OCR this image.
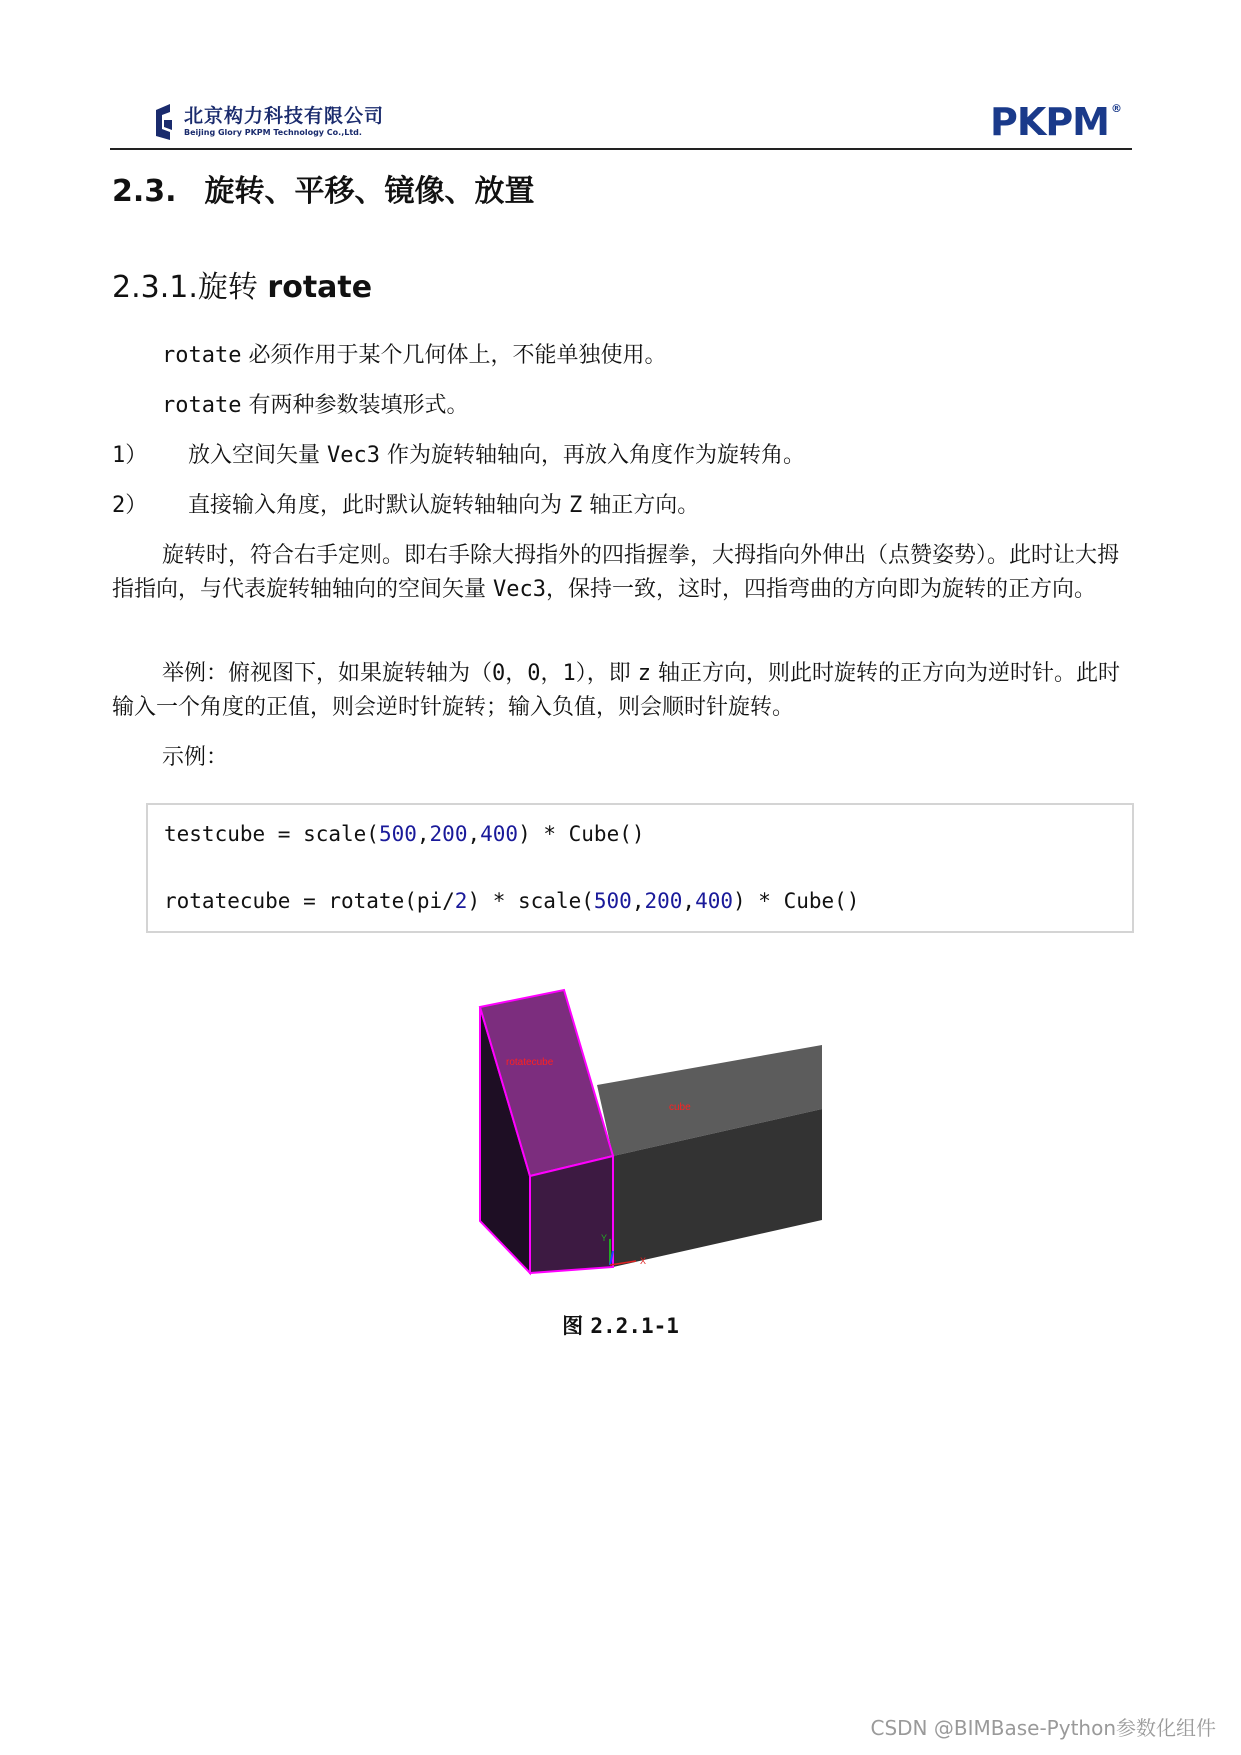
北京构力科技有限公司
Beijing Glory PKPM Technology Co.,Ltd.	PKPM ®
2.3. 旋转、平移、镜像、放置
2.3.1.旋转 rotate
rotate 必须作用于某个几何体上，不能单独使用。
rotate 有两种参数装填形式。
1） 放入空间矢量 Vec3 作为旋转轴轴向，再放入角度作为旋转角。
2） 直接输入角度，此时默认旋转轴轴向为 Z 轴正方向。
旋转时，符合右手定则。即右手除大拇指外的四指握拳，大拇指向外伸出（点赞姿势）。此时让大拇指指向，与代表旋转轴轴向的空间矢量 Vec3，保持一致，这时，四指弯曲的方向即为旋转的正方向。
举例：俯视图下，如果旋转轴为（0，0，1），即 z 轴正方向，则此时旋转的正方向为逆时针。此时输入一个角度的正值，则会逆时针旋转；输入负值，则会顺时针旋转。
示例：
testcube = scale(500,200,400) * Cube()
rotatecube = rotate(pi/2) * scale(500,200,400) * Cube()
rotatecube
cube
Y
X
图 2.2.1-1
CSDN @BIMBase-Python参数化组件
